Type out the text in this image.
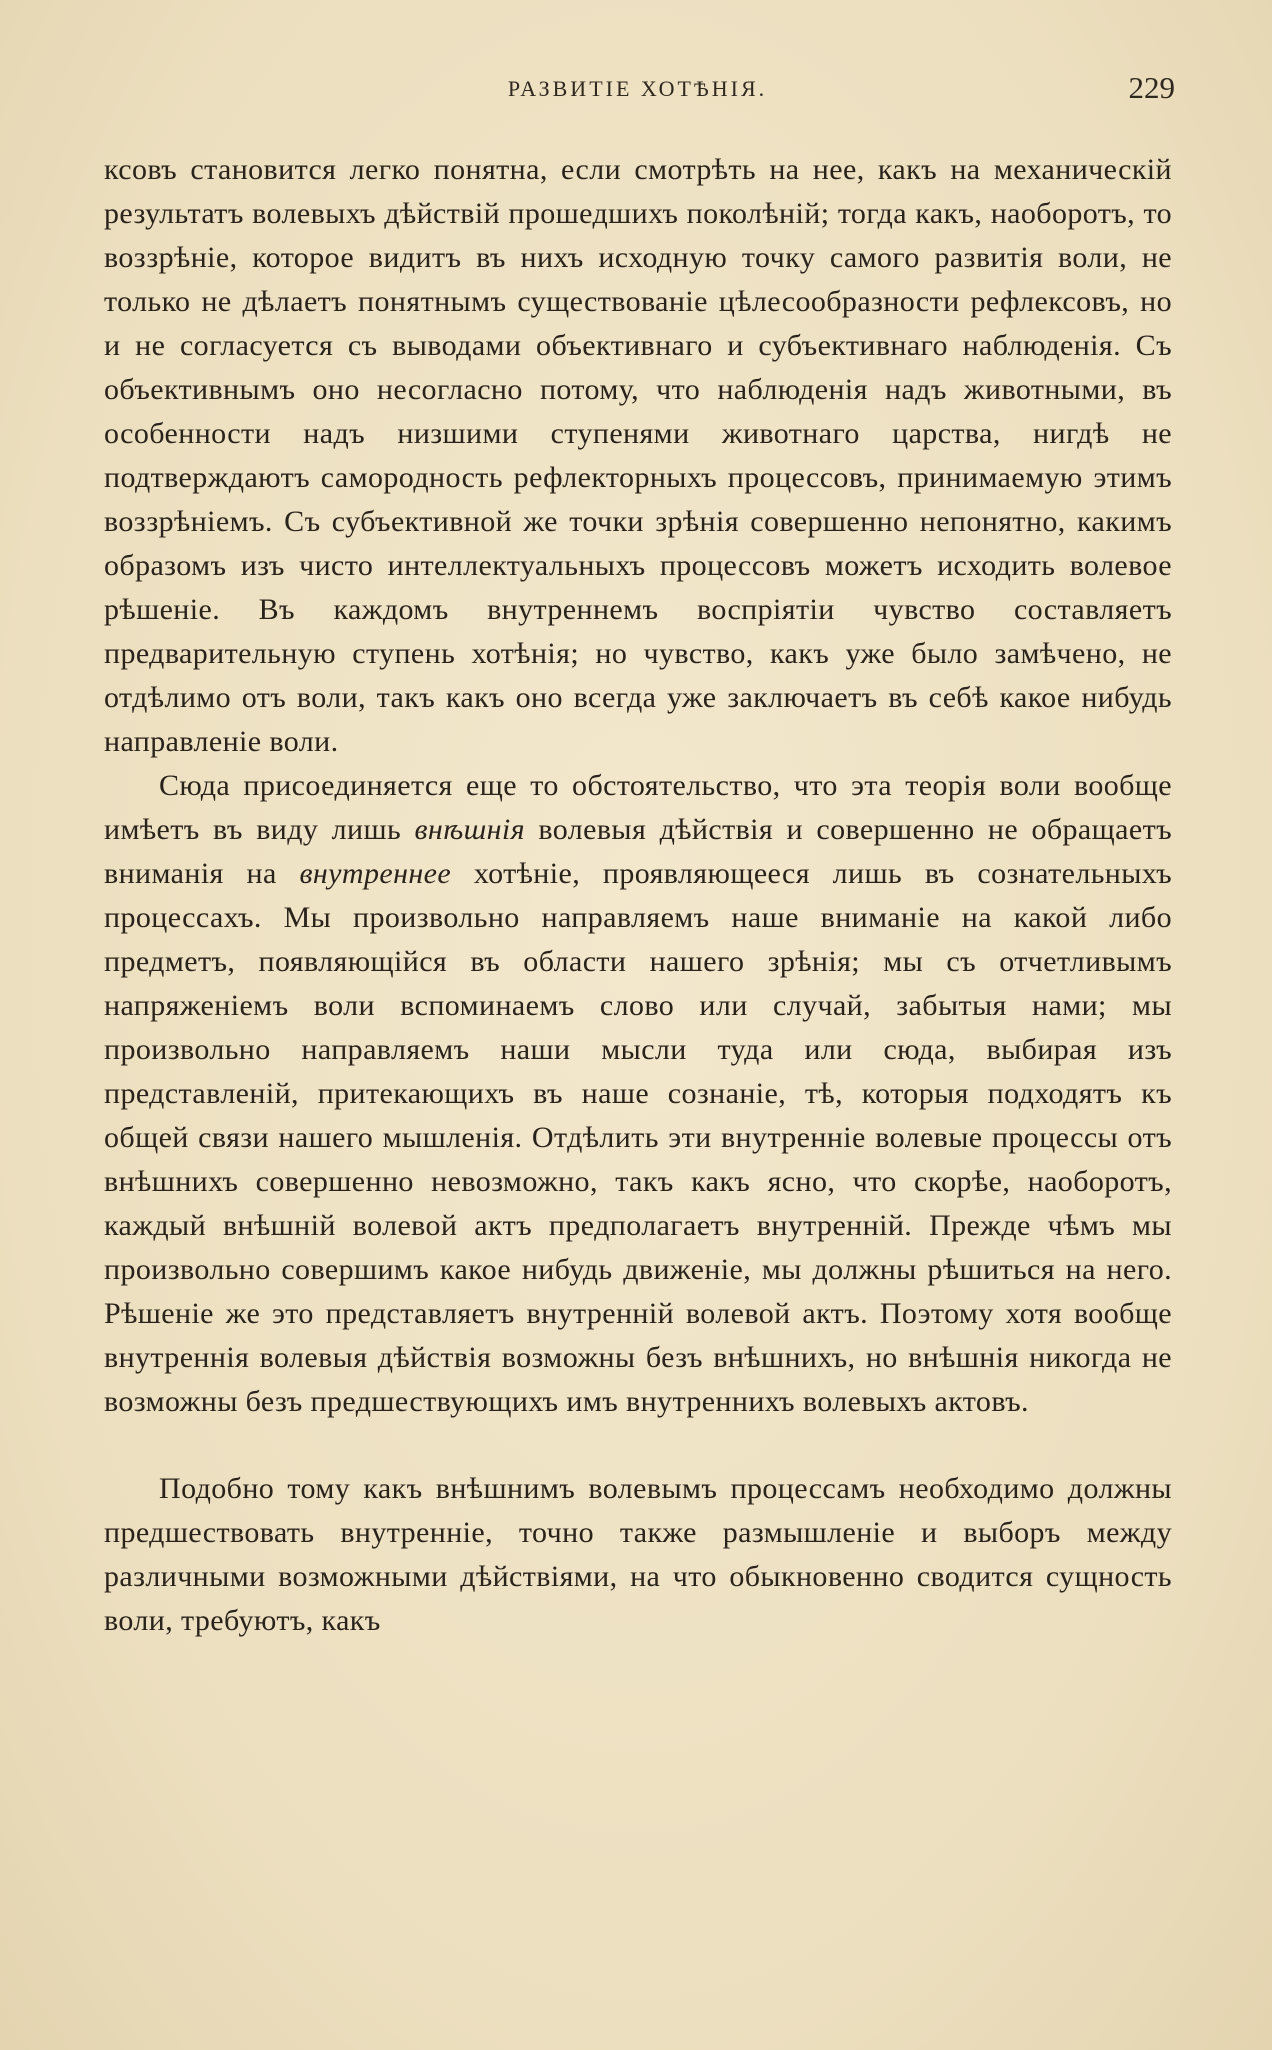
РАЗВИТІЕ ХОТѢНІЯ.	229

ксовъ становится легко понятна, если смотрѣть на нее, какъ на механическій результатъ волевыхъ дѣйствій прошедшихъ поколѣній; тогда какъ, наоборотъ, то воззрѣніе, которое видитъ въ нихъ исходную точку самого развитія воли, не только не дѣлаетъ понятнымъ существованіе цѣлесообразности рефлексовъ, но и не согласуется съ выводами объективнаго и субъективнаго наблюденія. Съ объективнымъ оно несогласно потому, что наблюденія надъ животными, въ особенности надъ низшими ступенями животнаго царства, нигдѣ не подтверждаютъ самородность рефлекторныхъ процессовъ, принимаемую этимъ воззрѣніемъ. Съ субъективной же точки зрѣнія совершенно непонятно, какимъ образомъ изъ чисто интеллектуальныхъ процессовъ можетъ исходить волевое рѣшеніе. Въ каждомъ внутреннемъ воспріятіи чувство составляетъ предварительную ступень хотѣнія; но чувство, какъ уже было замѣчено, не отдѣлимо отъ воли, такъ какъ оно всегда уже заключаетъ въ себѣ какое нибудь направленіе воли.

Сюда присоединяется еще то обстоятельство, что эта теорія воли вообще имѣетъ въ виду лишь внѣшнія волевыя дѣйствія и совершенно не обращаетъ вниманія на внутреннее хотѣніе, проявляющееся лишь въ сознательныхъ процессахъ. Мы произвольно направляемъ наше вниманіе на какой либо предметъ, появляющійся въ области нашего зрѣнія; мы съ отчетливымъ напряженіемъ воли вспоминаемъ слово или случай, забытыя нами; мы произвольно направляемъ наши мысли туда или сюда, выбирая изъ представленій, притекающихъ въ наше сознаніе, тѣ, которыя подходятъ къ общей связи нашего мышленія. Отдѣлить эти внутренніе волевые процессы отъ внѣшнихъ совершенно невозможно, такъ какъ ясно, что скорѣе, наоборотъ, каждый внѣшній волевой актъ предполагаетъ внутренній. Прежде чѣмъ мы произвольно совершимъ какое нибудь движеніе, мы должны рѣшиться на него. Рѣшеніе же это представляетъ внутренній волевой актъ. Поэтому хотя вообще внутреннія волевыя дѣйствія возможны безъ внѣшнихъ, но внѣшнія никогда не возможны безъ предшествующихъ имъ внутреннихъ волевыхъ актовъ.

Подобно тому какъ внѣшнимъ волевымъ процессамъ необходимо должны предшествовать внутренніе, точно также размышленіе и выборъ между различными возможными дѣйствіями, на что обыкновенно сводится сущность воли, требуютъ, какъ
